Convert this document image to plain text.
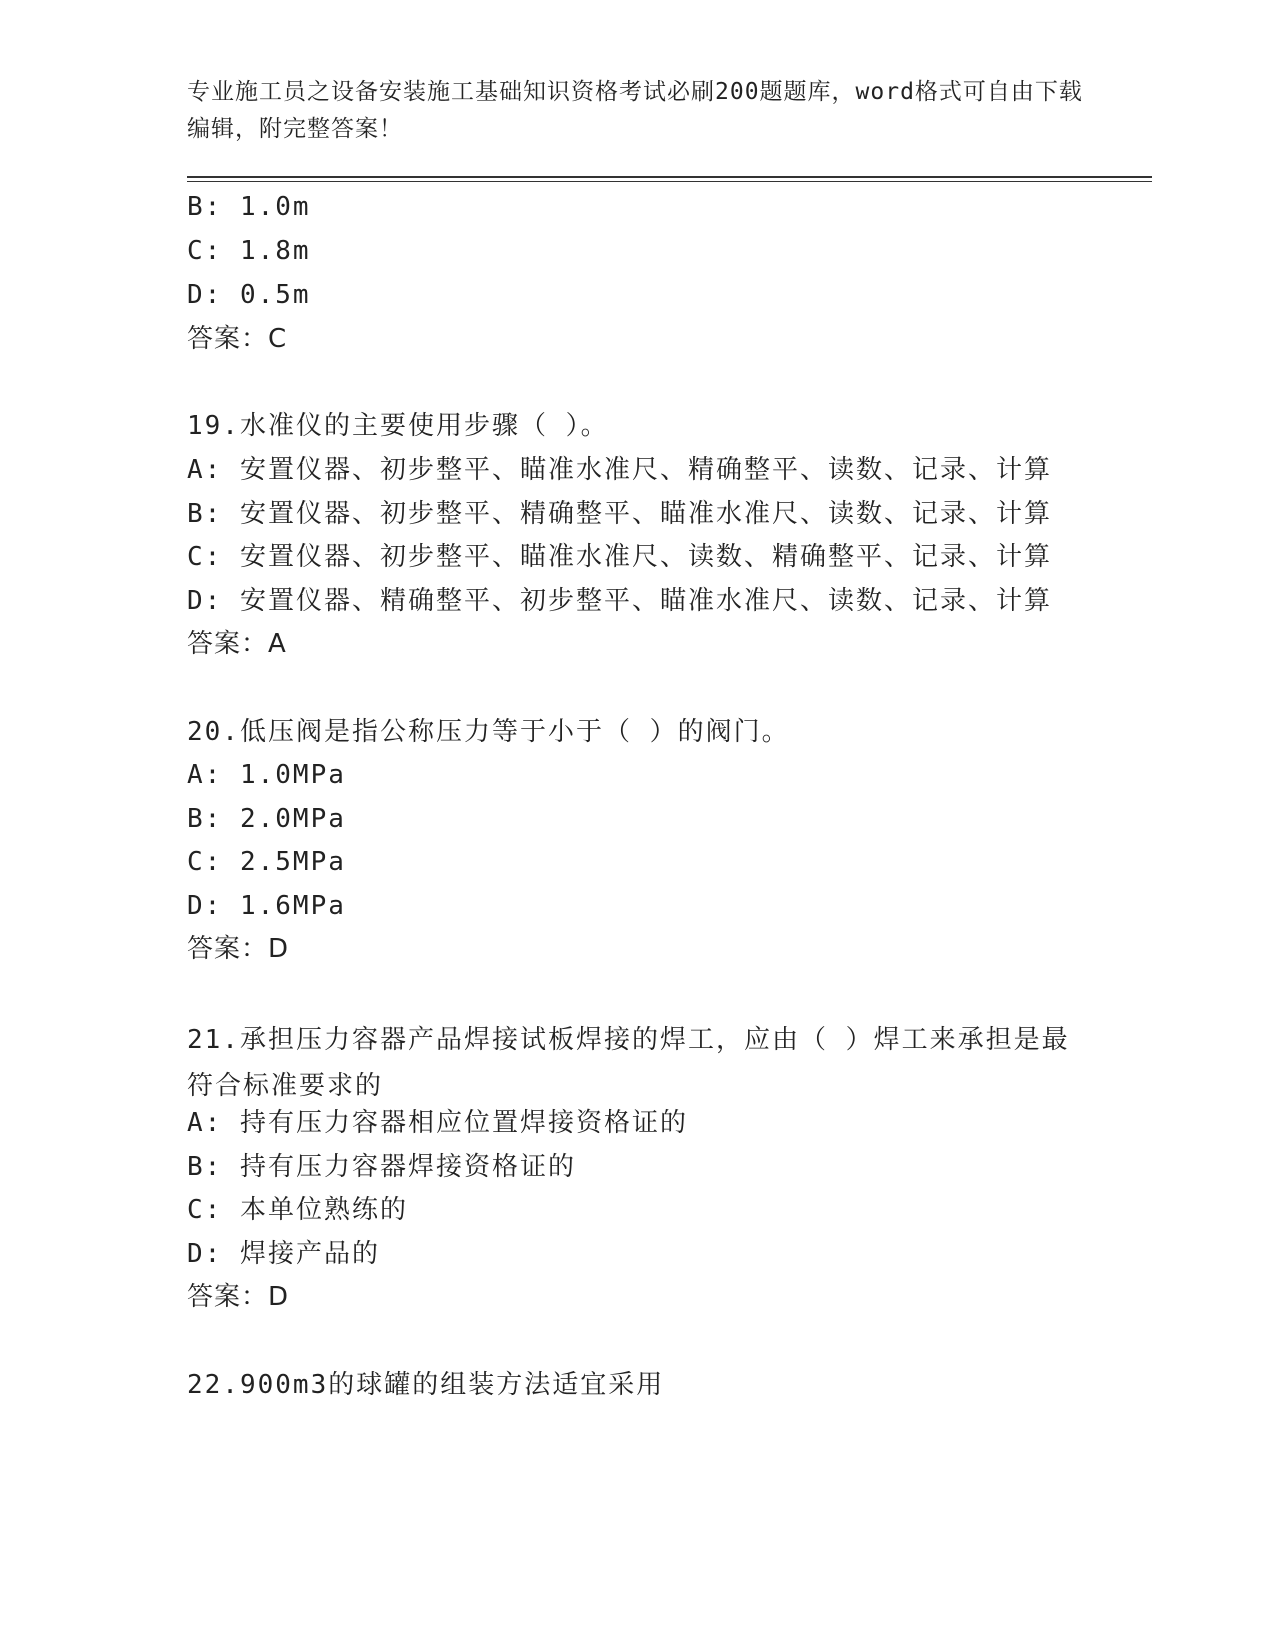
专业施工员之设备安装施工基础知识资格考试必刷200题题库，word格式可自由下载编辑，附完整答案！
B: 1.0m
C: 1.8m
D: 0.5m
答案：C
19.水准仪的主要使用步骤（ ）。
A: 安置仪器、初步整平、瞄准水准尺、精确整平、读数、记录、计算
B: 安置仪器、初步整平、精确整平、瞄准水准尺、读数、记录、计算
C: 安置仪器、初步整平、瞄准水准尺、读数、精确整平、记录、计算
D: 安置仪器、精确整平、初步整平、瞄准水准尺、读数、记录、计算
答案：A
20.低压阀是指公称压力等于小于（ ）的阀门。
A: 1.0MPa
B: 2.0MPa
C: 2.5MPa
D: 1.6MPa
答案：D
21.承担压力容器产品焊接试板焊接的焊工，应由（ ）焊工来承担是最符合标准要求的
A: 持有压力容器相应位置焊接资格证的
B: 持有压力容器焊接资格证的
C: 本单位熟练的
D: 焊接产品的
答案：D
22.900m3的球罐的组装方法适宜采用
